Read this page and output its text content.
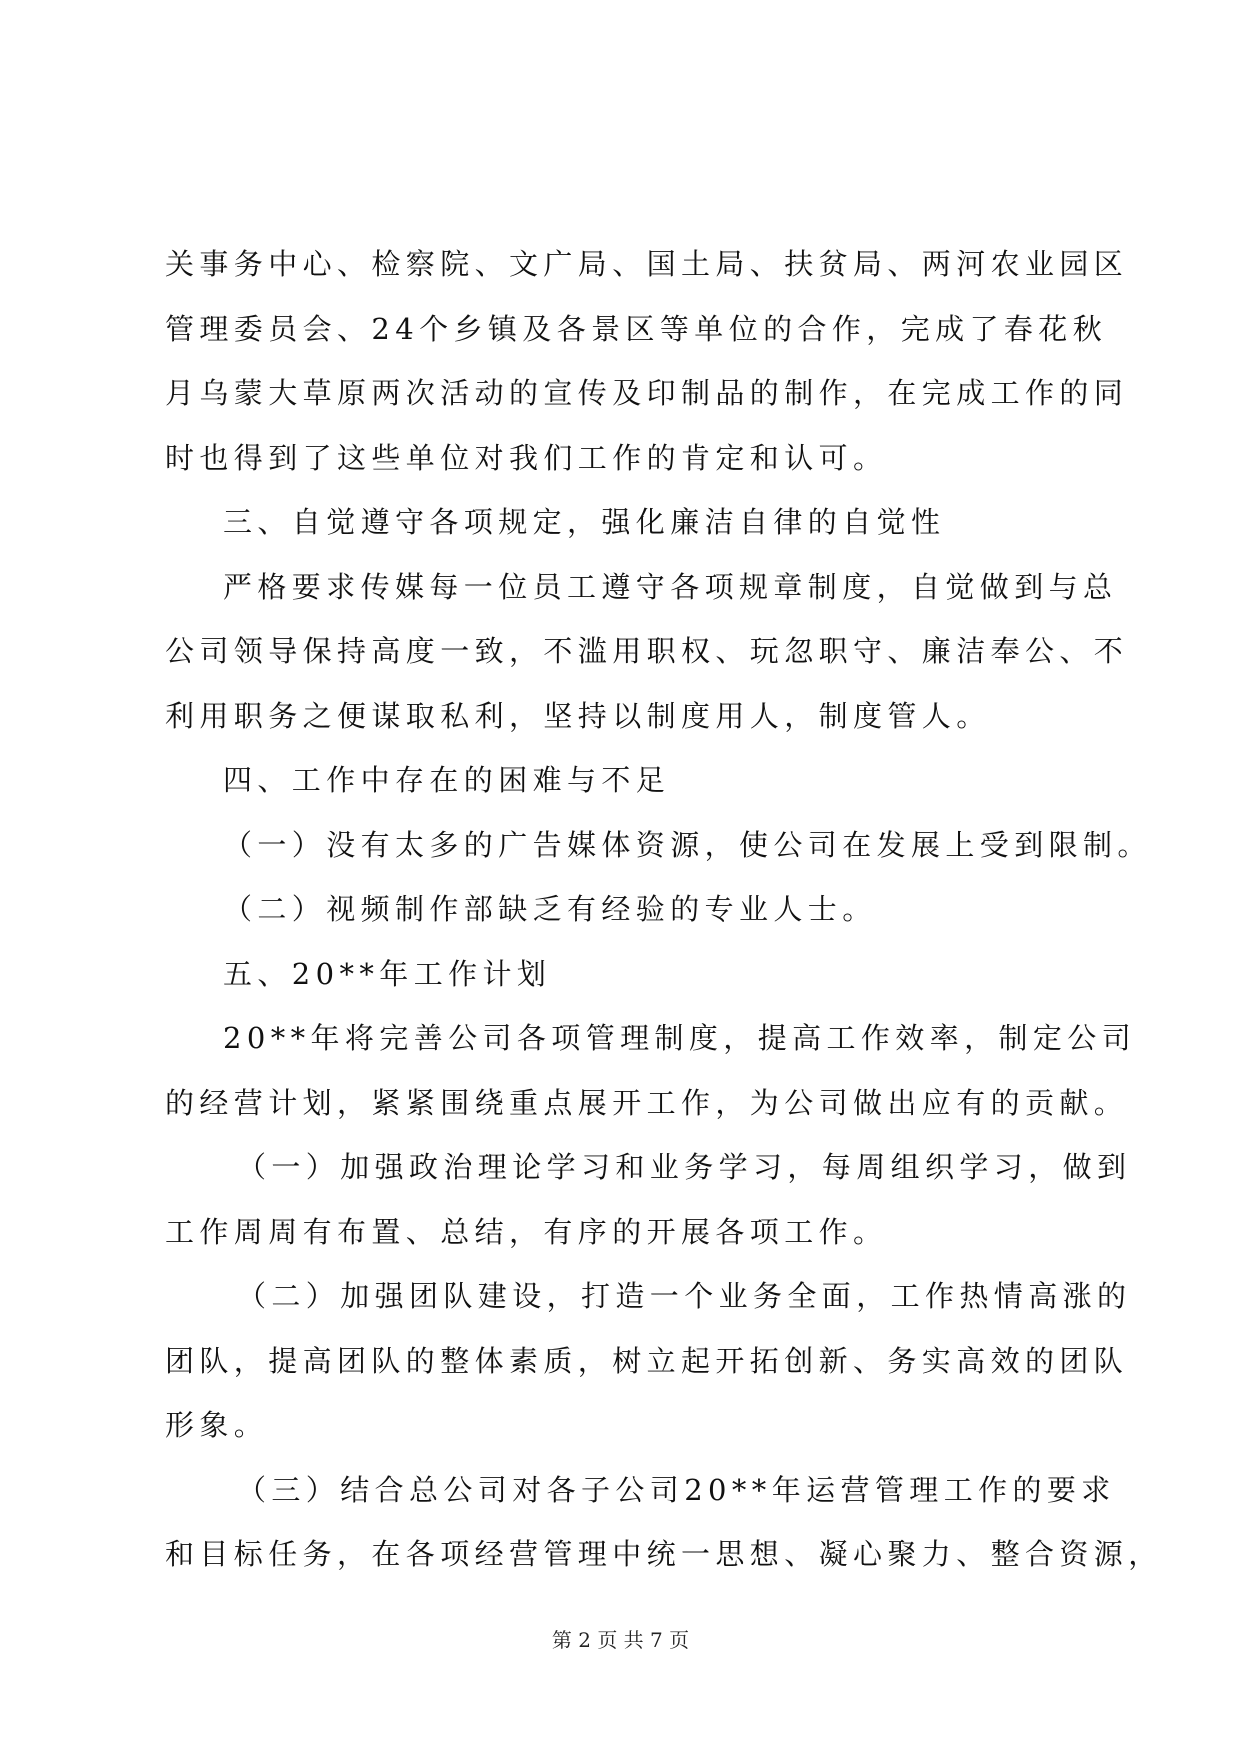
关事务中心、检察院、文广局、国土局、扶贫局、两河农业园区
管理委员会、24个乡镇及各景区等单位的合作，完成了春花秋
月乌蒙大草原两次活动的宣传及印制品的制作，在完成工作的同
时也得到了这些单位对我们工作的肯定和认可。
三、自觉遵守各项规定，强化廉洁自律的自觉性
严格要求传媒每一位员工遵守各项规章制度，自觉做到与总
公司领导保持高度一致，不滥用职权、玩忽职守、廉洁奉公、不
利用职务之便谋取私利，坚持以制度用人，制度管人。
四、工作中存在的困难与不足
（一）没有太多的广告媒体资源，使公司在发展上受到限制。
（二）视频制作部缺乏有经验的专业人士。
五、20**年工作计划
20**年将完善公司各项管理制度，提高工作效率，制定公司
的经营计划，紧紧围绕重点展开工作，为公司做出应有的贡献。
（一）加强政治理论学习和业务学习，每周组织学习，做到
工作周周有布置、总结，有序的开展各项工作。
（二）加强团队建设，打造一个业务全面，工作热情高涨的
团队，提高团队的整体素质，树立起开拓创新、务实高效的团队
形象。
（三）结合总公司对各子公司20**年运营管理工作的要求
和目标任务，在各项经营管理中统一思想、凝心聚力、整合资源，
第 2 页 共 7 页
